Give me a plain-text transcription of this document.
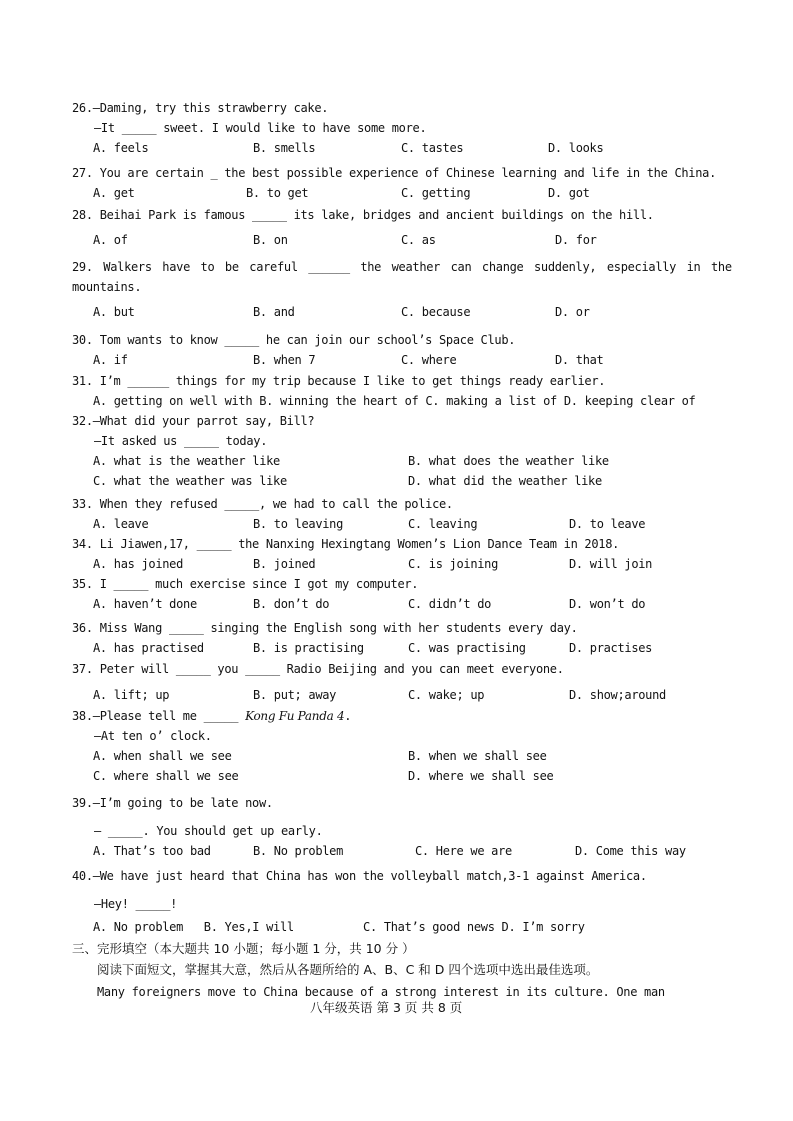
26.—Daming, try this strawberry cake.
—It _____ sweet. I would like to have some more.
A. feels	B. smells	C. tastes	D. looks
27. You are certain _ the best possible experience of Chinese learning and life in the China.
A. get	B. to get	C. getting	D. got
28. Beihai Park is famous _____ its lake, bridges and ancient buildings on the hill.
A. of	B. on	C. as	D. for
29. Walkers have to be careful ______ the weather can change suddenly, especially in the
mountains.
A. but	B. and	C. because	D. or
30. Tom wants to know _____ he can join our school’s Space Club.
A. if	B. when 7	C. where	D. that
31. I’m ______ things for my trip because I like to get things ready earlier.
A. getting on well with B. winning the heart of C. making a list of D. keeping clear of
32.—What did your parrot say, Bill?
—It asked us _____ today.
A. what is the weather like	B. what does the weather like
C. what the weather was like	D. what did the weather like
33. When they refused _____, we had to call the police.
A. leave	B. to leaving	C. leaving	D. to leave
34. Li Jiawen,17, _____ the Nanxing Hexingtang Women’s Lion Dance Team in 2018.
A. has joined	B. joined	C. is joining	D. will join
35. I _____ much exercise since I got my computer.
A. haven’t done	B. don’t do	C. didn’t do	D. won’t do
36. Miss Wang _____ singing the English song with her students every day.
A. has practised	B. is practising	C. was practising	D. practises
37. Peter will _____ you _____ Radio Beijing and you can meet everyone.
A. lift; up	B. put; away	C. wake; up	D. show;around
38.—Please tell me _____ Kong Fu Panda 4.
—At ten o’ clock.
A. when shall we see	B. when we shall see
C. where shall we see	D. where we shall see
39.—I’m going to be late now.
— _____. You should get up early.
A. That’s too bad	B. No problem	C. Here we are	D. Come this way
40.—We have just heard that China has won the volleyball match,3-1 against America.
—Hey! _____!
A. No problem   B. Yes,I will          C. That’s good news D. I’m sorry
三、完形填空（本大题共 10 小题；每小题 1 分，共 10 分 ）
阅读下面短文，掌握其大意，然后从各题所给的 A、B、C 和 D 四个选项中选出最佳选项。
Many foreigners move to China because of a strong interest in its culture. One man
八年级英语 第 3 页 共 8 页
